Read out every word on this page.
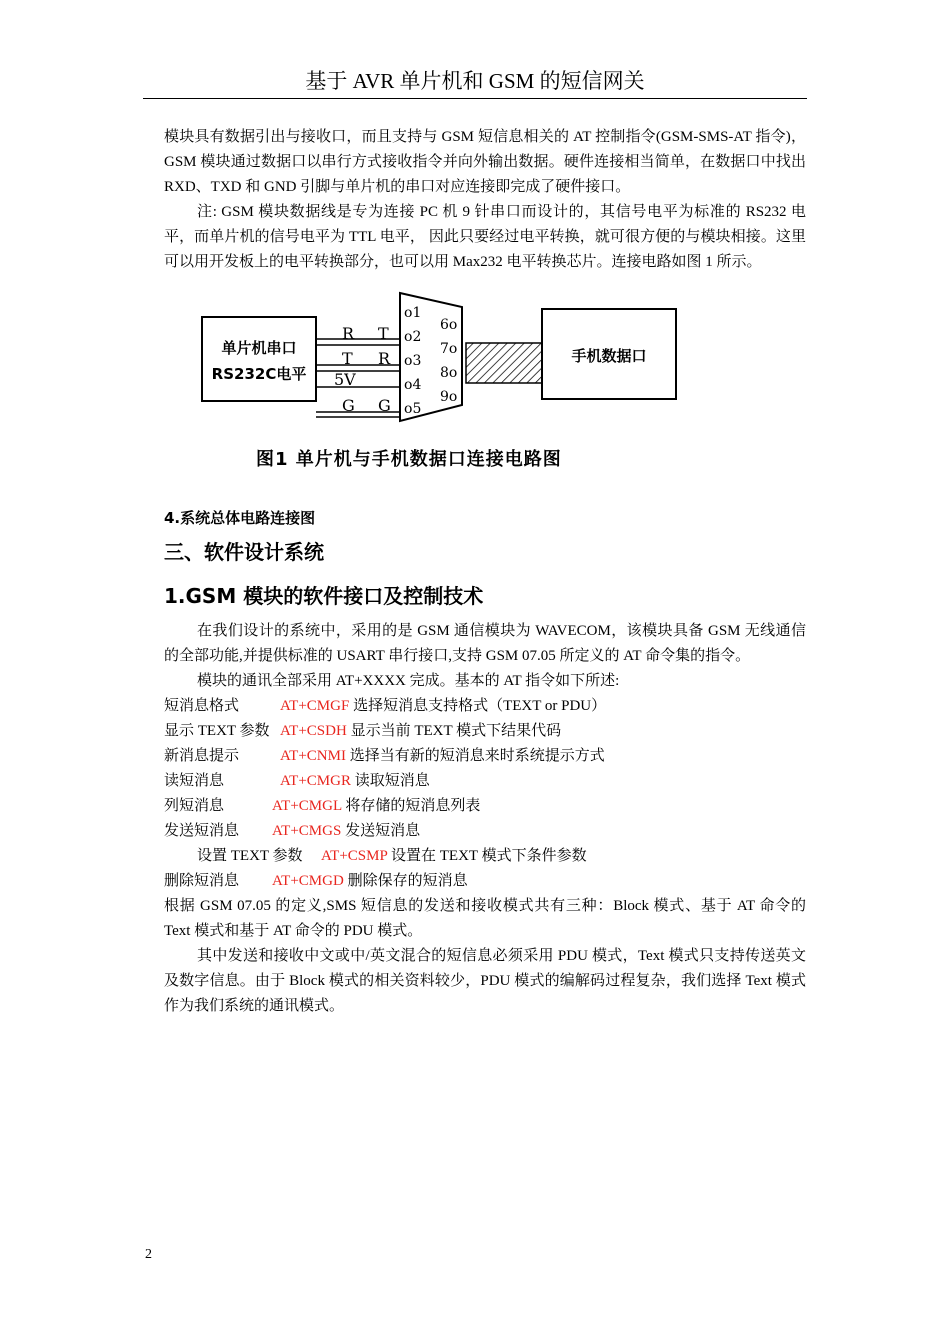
基于 AVR 单片机和 GSM 的短信网关

模块具有数据引出与接收口，而且支持与 GSM 短信息相关的 AT 控制指令(GSM-SMS-AT 指令)，GSM 模块通过数据口以串行方式接收指令并向外输出数据。硬件连接相当简单，在数据口中找出 RXD、TXD 和 GND 引脚与单片机的串口对应连接即完成了硬件接口。

注: GSM 模块数据线是专为连接 PC 机 9 针串口而设计的，其信号电平为标准的 RS232 电平，而单片机的信号电平为 TTL 电平， 因此只要经过电平转换，就可很方便的与模块相接。这里可以用开发板上的电平转换部分，也可以用 Max232 电平转换芯片。连接电路如图 1 所示。

单片机串口
RS232C电平
R T
T R
5V
G G
o1
o2
o3
o4
o5
6o
7o
8o
9o
手机数据口
图1 单片机与手机数据口连接电路图
4.系统总体电路连接图
三、软件设计系统
1.GSM 模块的软件接口及控制技术

在我们设计的系统中，采用的是 GSM 通信模块为 WAVECOM，该模块具备 GSM 无线通信的全部功能,并提供标准的 USART 串行接口,支持 GSM 07.05 所定义的 AT 命令集的指令。

模块的通讯全部采用 AT+XXXX 完成。基本的 AT 指令如下所述:

短消息格式	AT+CMGF 选择短消息支持格式（TEXT or PDU）
显示 TEXT 参数 AT+CSDH 显示当前 TEXT 模式下结果代码
新消息提示	AT+CNMI 选择当有新的短消息来时系统提示方式
读短消息	AT+CMGR 读取短消息
列短消息	AT+CMGL 将存储的短消息列表
发送短消息	AT+CMGS 发送短消息
设置 TEXT 参数	AT+CSMP 设置在 TEXT 模式下条件参数
删除短消息	AT+CMGD 删除保存的短消息

根据 GSM 07.05 的定义,SMS 短信息的发送和接收模式共有三种：Block 模式、基于 AT 命令的 Text 模式和基于 AT 命令的 PDU 模式。

其中发送和接收中文或中/英文混合的短信息必须采用 PDU 模式，Text 模式只支持传送英文及数字信息。由于 Block 模式的相关资料较少，PDU 模式的编解码过程复杂，我们选择 Text 模式作为我们系统的通讯模式。

2
